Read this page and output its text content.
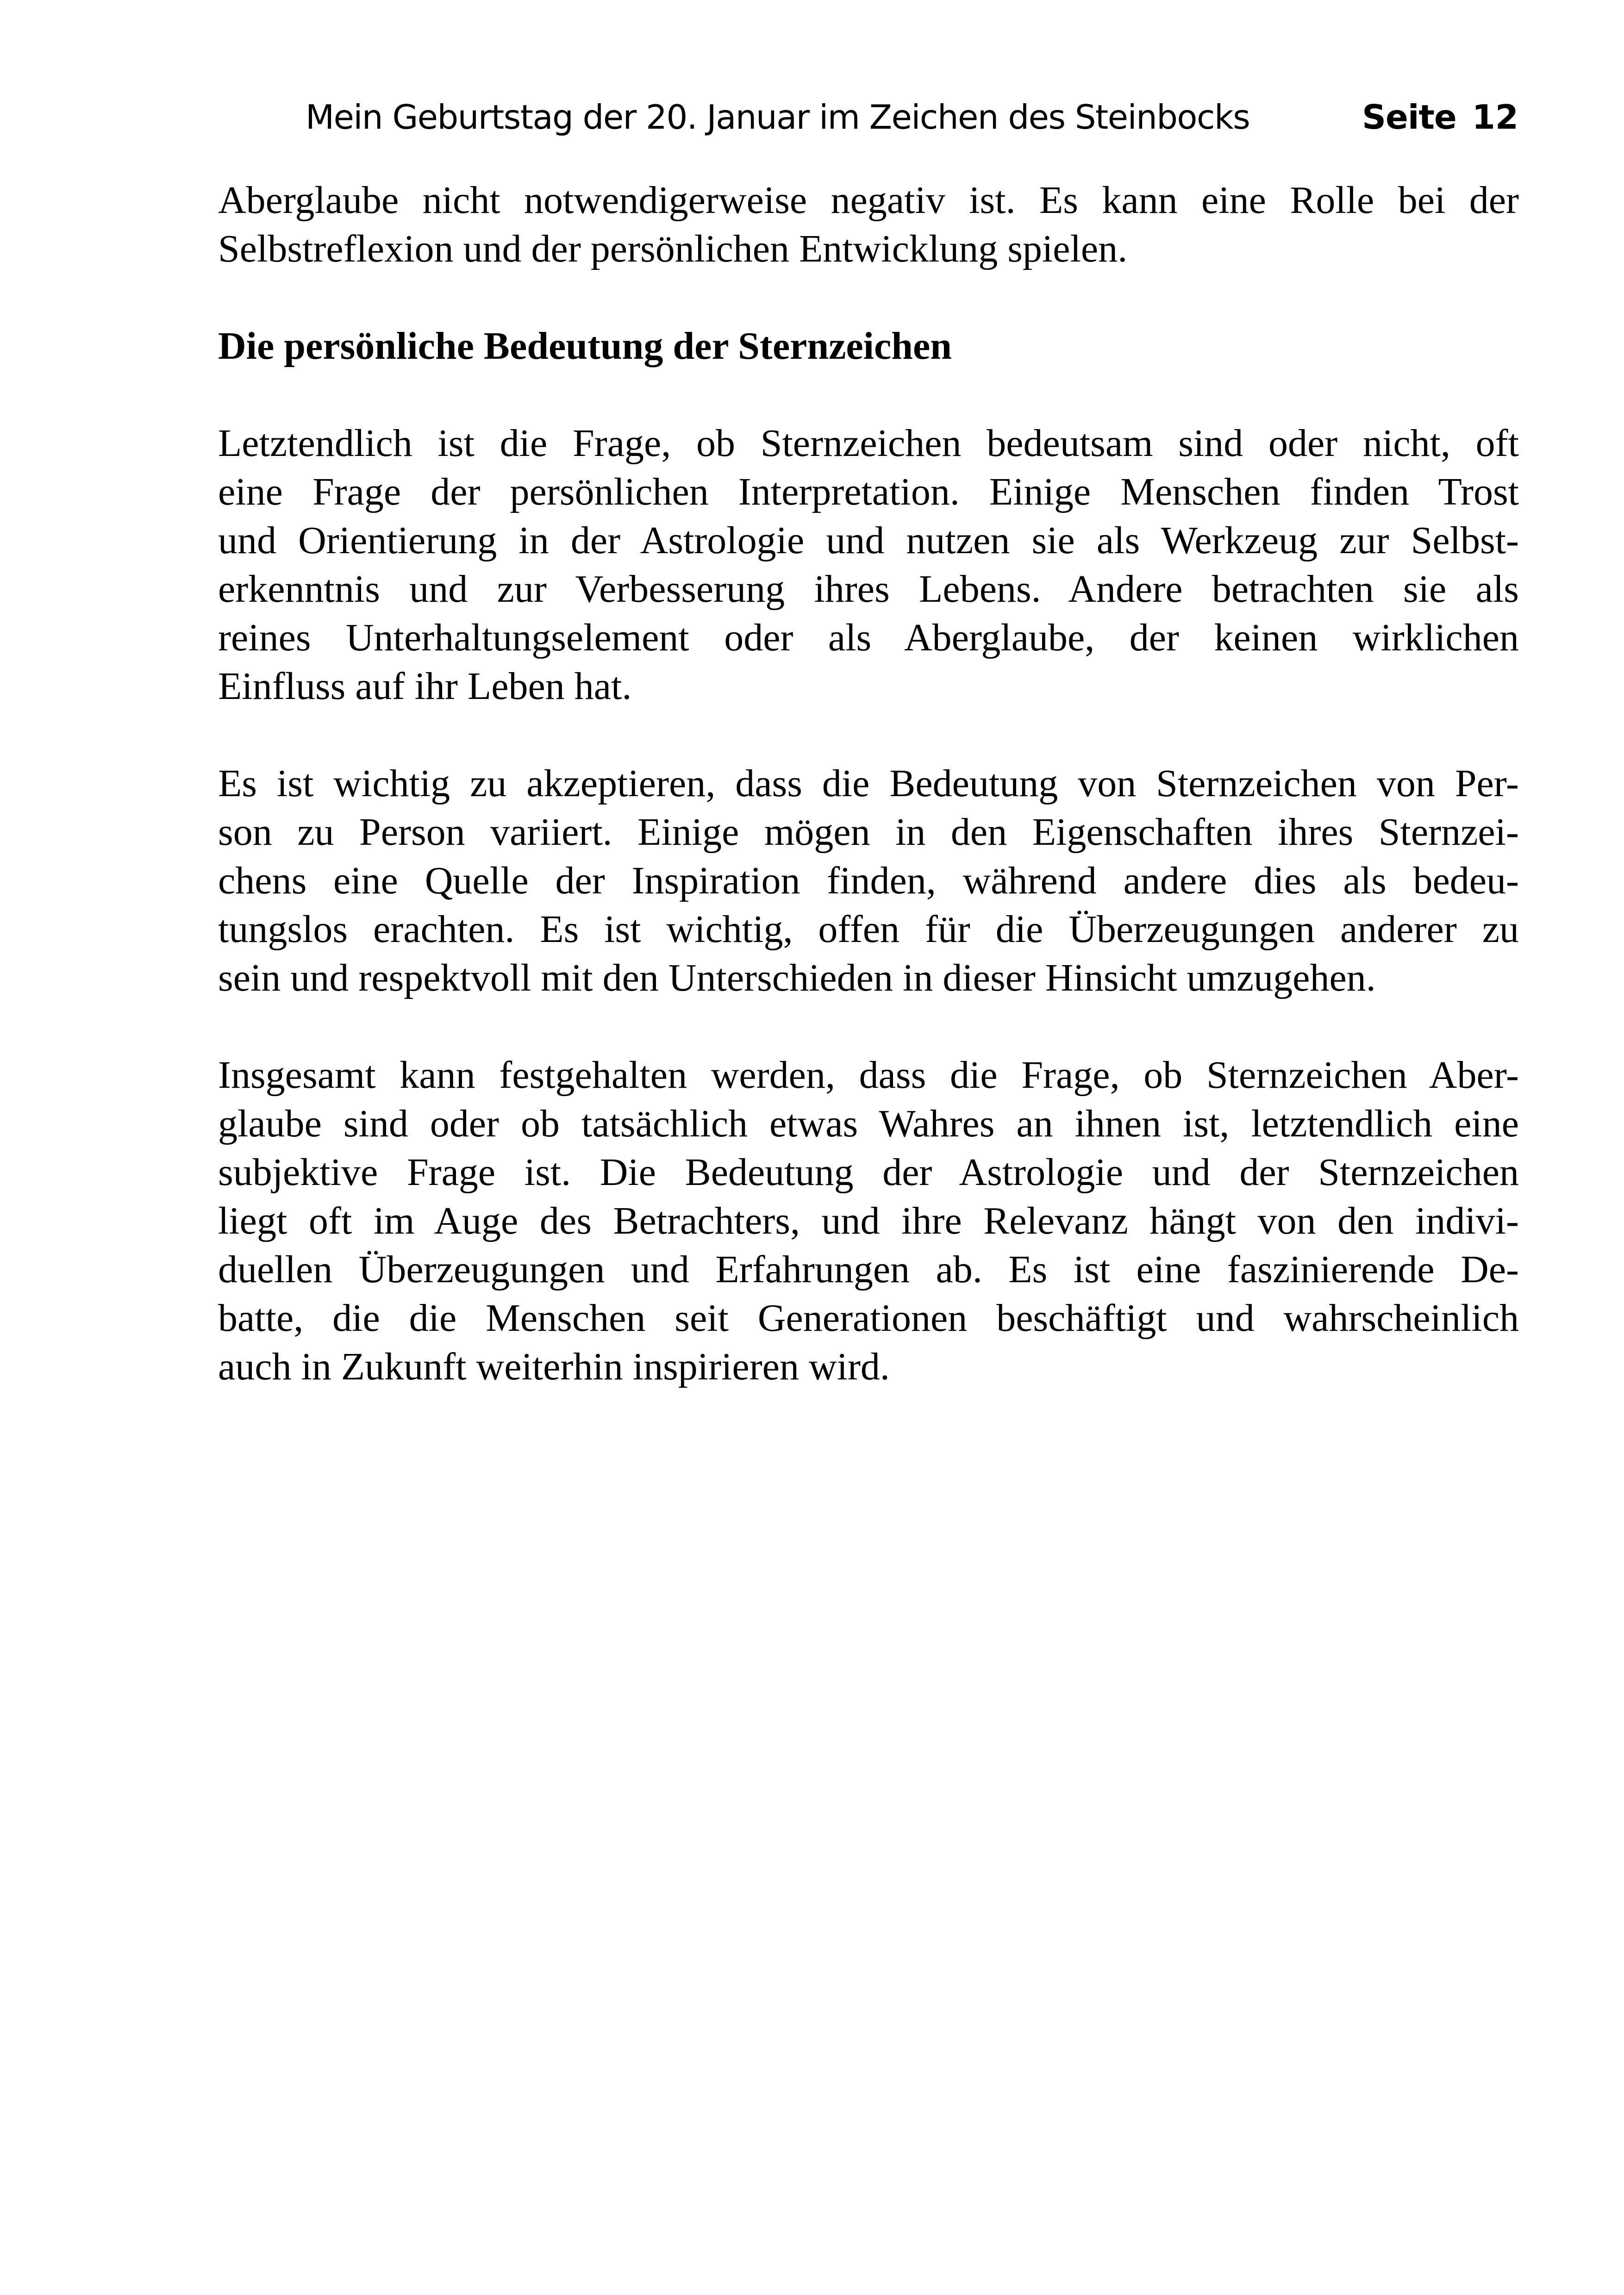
Mein Geburtstag der 20. Januar im Zeichen des Steinbocks	Seite 12
Aberglaube nicht notwendigerweise negativ ist. Es kann eine Rolle bei der
Selbstreflexion und der persönlichen Entwicklung spielen.
Die persönliche Bedeutung der Sternzeichen
Letztendlich ist die Frage, ob Sternzeichen bedeutsam sind oder nicht, oft
eine Frage der persönlichen Interpretation. Einige Menschen finden Trost
und Orientierung in der Astrologie und nutzen sie als Werkzeug zur Selbst-
erkenntnis und zur Verbesserung ihres Lebens. Andere betrachten sie als
reines Unterhaltungselement oder als Aberglaube, der keinen wirklichen
Einfluss auf ihr Leben hat.
Es ist wichtig zu akzeptieren, dass die Bedeutung von Sternzeichen von Per-
son zu Person variiert. Einige mögen in den Eigenschaften ihres Sternzei-
chens eine Quelle der Inspiration finden, während andere dies als bedeu-
tungslos erachten. Es ist wichtig, offen für die Überzeugungen anderer zu
sein und respektvoll mit den Unterschieden in dieser Hinsicht umzugehen.
Insgesamt kann festgehalten werden, dass die Frage, ob Sternzeichen Aber-
glaube sind oder ob tatsächlich etwas Wahres an ihnen ist, letztendlich eine
subjektive Frage ist. Die Bedeutung der Astrologie und der Sternzeichen
liegt oft im Auge des Betrachters, und ihre Relevanz hängt von den indivi-
duellen Überzeugungen und Erfahrungen ab. Es ist eine faszinierende De-
batte, die die Menschen seit Generationen beschäftigt und wahrscheinlich
auch in Zukunft weiterhin inspirieren wird.
